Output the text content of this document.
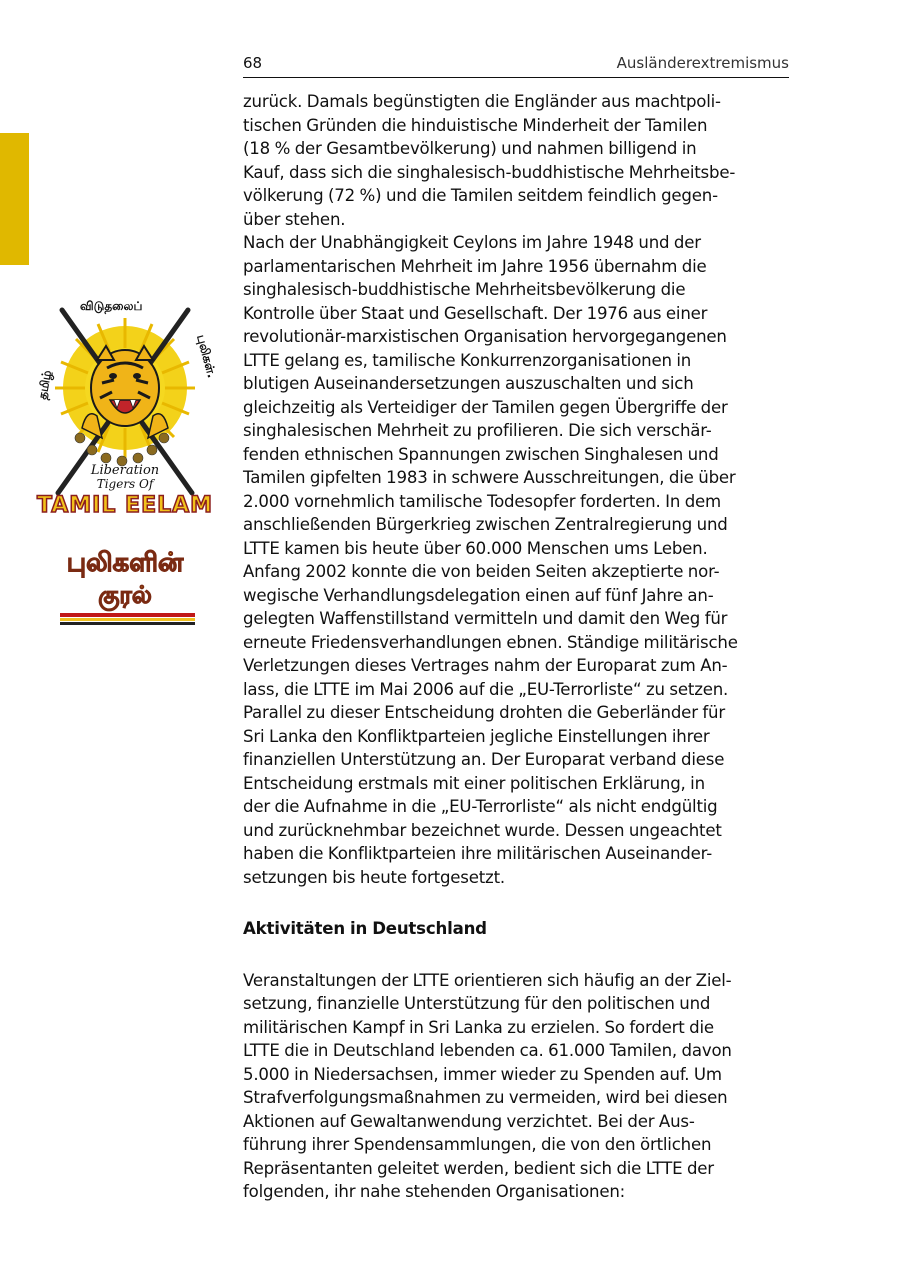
68	Ausländerextremismus
தமிழ்
விடுதலைப்
புலிகள்.
Liberation
Tigers Of
TAMIL EELAM
புலிகளின்
குரல்

zurück. Damals begünstigten die Engländer aus machtpoli-
tischen Gründen die hinduistische Minderheit der Tamilen
(18 % der Gesamtbevölkerung) und nahmen billigend in
Kauf, dass sich die singhalesisch-buddhistische Mehrheitsbe-
völkerung (72 %) und die Tamilen seitdem feindlich gegen-
über stehen.

Nach der Unabhängigkeit Ceylons im Jahre 1948 und der
parlamentarischen Mehrheit im Jahre 1956 übernahm die
singhalesisch-buddhistische Mehrheitsbevölkerung die
Kontrolle über Staat und Gesellschaft. Der 1976 aus einer
revolutionär-marxistischen Organisation hervorgegangenen
LTTE gelang es, tamilische Konkurrenzorganisationen in
blutigen Auseinandersetzungen auszuschalten und sich
gleichzeitig als Verteidiger der Tamilen gegen Übergriffe der
singhalesischen Mehrheit zu profilieren. Die sich verschär-
fenden ethnischen Spannungen zwischen Singhalesen und
Tamilen gipfelten 1983 in schwere Ausschreitungen, die über
2.000 vornehmlich tamilische Todesopfer forderten. In dem
anschließenden Bürgerkrieg zwischen Zentralregierung und
LTTE kamen bis heute über 60.000 Menschen ums Leben.

Anfang 2002 konnte die von beiden Seiten akzeptierte nor-
wegische Verhandlungsdelegation einen auf fünf Jahre an-
gelegten Waffenstillstand vermitteln und damit den Weg für
erneute Friedensverhandlungen ebnen. Ständige militärische
Verletzungen dieses Vertrages nahm der Europarat zum An-
lass, die LTTE im Mai 2006 auf die „EU-Terrorliste“ zu setzen.
Parallel zu dieser Entscheidung drohten die Geberländer für
Sri Lanka den Konfliktparteien jegliche Einstellungen ihrer
finanziellen Unterstützung an. Der Europarat verband diese
Entscheidung erstmals mit einer politischen Erklärung, in
der die Aufnahme in die „EU-Terrorliste“ als nicht endgültig
und zurücknehmbar bezeichnet wurde. Dessen ungeachtet
haben die Konfliktparteien ihre militärischen Auseinander-
setzungen bis heute fortgesetzt.

Aktivitäten in Deutschland

Veranstaltungen der LTTE orientieren sich häufig an der Ziel-
setzung, finanzielle Unterstützung für den politischen und
militärischen Kampf in Sri Lanka zu erzielen. So fordert die
LTTE die in Deutschland lebenden ca. 61.000 Tamilen, davon
5.000 in Niedersachsen, immer wieder zu Spenden auf. Um
Strafverfolgungsmaßnahmen zu vermeiden, wird bei diesen
Aktionen auf Gewaltanwendung verzichtet. Bei der Aus-
führung ihrer Spendensammlungen, die von den örtlichen
Repräsentanten geleitet werden, bedient sich die LTTE der
folgenden, ihr nahe stehenden Organisationen:
